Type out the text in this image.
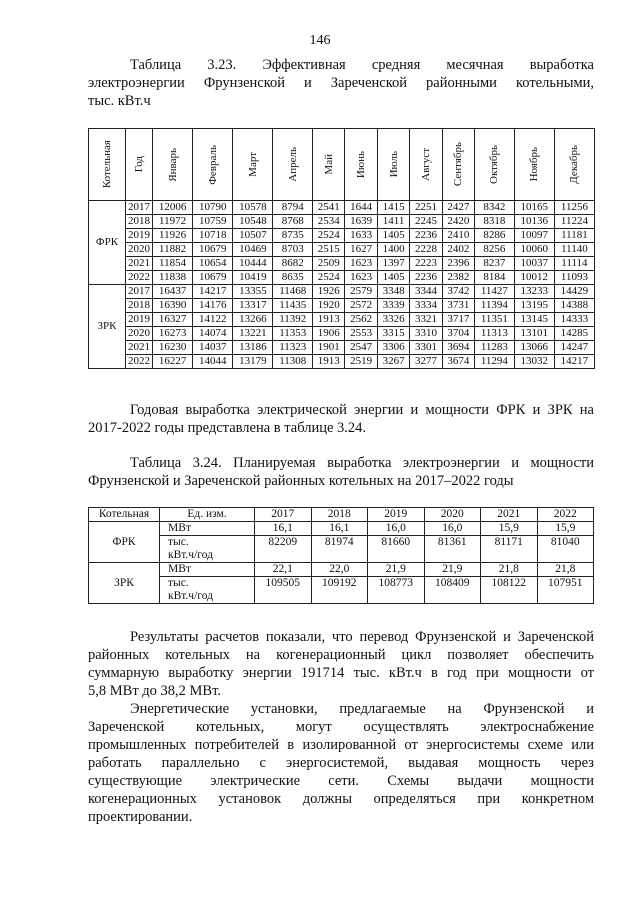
146
Таблица 3.23. Эффективная средняя месячная выработка
электроэнергии Фрунзенской и Зареченской районными котельными,
тыс. кВт.ч
Котельная	Год	Январь	Февраль	Март	Апрель	Май	Июнь	Июль	Август	Сентябрь	Октябрь	Ноябрь	Декабрь

ФРК	2017	12006	10790	10578	8794	2541	1644	1415	2251	2427	8342	10165	11256
	2018	11972	10759	10548	8768	2534	1639	1411	2245	2420	8318	10136	11224
	2019	11926	10718	10507	8735	2524	1633	1405	2236	2410	8286	10097	11181
	2020	11882	10679	10469	8703	2515	1627	1400	2228	2402	8256	10060	11140
	2021	11854	10654	10444	8682	2509	1623	1397	2223	2396	8237	10037	11114
	2022	11838	10679	10419	8635	2524	1623	1405	2236	2382	8184	10012	11093
ЗРК	2017	16437	14217	13355	11468	1926	2579	3348	3344	3742	11427	13233	14429
	2018	16390	14176	13317	11435	1920	2572	3339	3334	3731	11394	13195	14388
	2019	16327	14122	13266	11392	1913	2562	3326	3321	3717	11351	13145	14333
	2020	16273	14074	13221	11353	1906	2553	3315	3310	3704	11313	13101	14285
	2021	16230	14037	13186	11323	1901	2547	3306	3301	3694	11283	13066	14247
	2022	16227	14044	13179	11308	1913	2519	3267	3277	3674	11294	13032	14217
Годовая выработка электрической энергии и мощности ФРК и ЗРК на
2017-2022 годы представлена в таблице 3.24.
Таблица 3.24. Планируемая выработка электроэнергии и мощности
Фрунзенской и Зареченской районных котельных на 2017–2022 годы
Котельная	Ед. изм.	2017	2018	2019	2020	2021	2022
ФРК	МВт	16,1	16,1	16,0	16,0	15,9	15,9

	тыс.
кВт.ч/год	82209	81974	81660	81361	81171	81040
ЗРК	МВт	22,1	22,0	21,9	21,9	21,8	21,8

	тыс.
кВт.ч/год	109505	109192	108773	108409	108122	107951
Результаты расчетов показали, что перевод Фрунзенской и Зареченской
районных котельных на когенерационный цикл позволяет обеспечить
суммарную выработку энергии 191714 тыс. кВт.ч в год при мощности от
5,8 МВт до 38,2 МВт.
Энергетические установки, предлагаемые на Фрунзенской и
Зареченской котельных, могут осуществлять электроснабжение
промышленных потребителей в изолированной от энергосистемы схеме или
работать параллельно с энергосистемой, выдавая мощность через
существующие электрические сети. Схемы выдачи мощности
когенерационных установок должны определяться при конкретном
проектировании.
